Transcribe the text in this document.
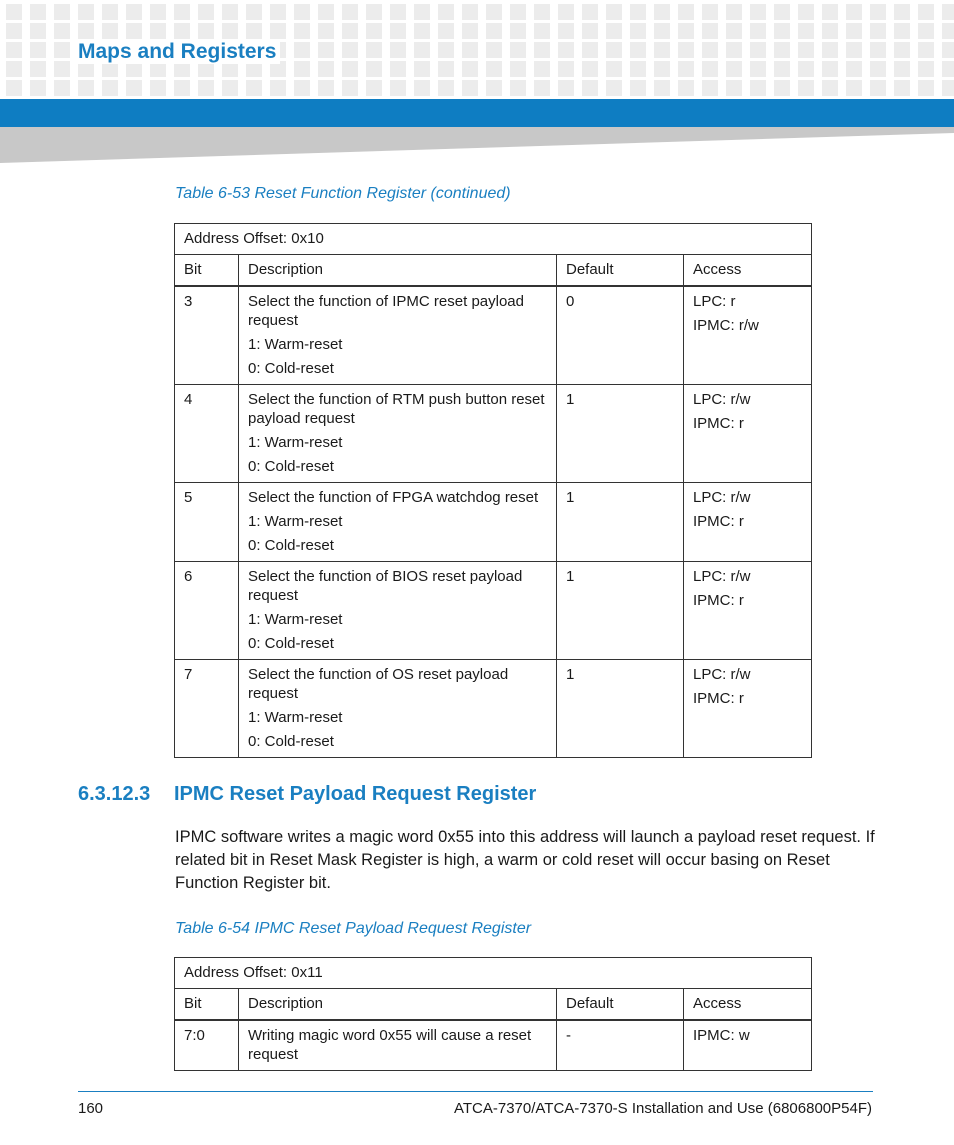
Maps and Registers
Table 6-53 Reset Function Register (continued)
Address Offset: 0x10			
Bit	Description	Default	Access
3	Select the function of IPMC reset payload request
1: Warm-reset
0: Cold-reset	0	LPC: r
IPMC: r/w

4	Select the function of RTM push button reset payload request
1: Warm-reset
0: Cold-reset	1	LPC: r/w
IPMC: r

5	Select the function of FPGA watchdog reset
1: Warm-reset
0: Cold-reset	1	LPC: r/w
IPMC: r

6	Select the function of BIOS reset payload request
1: Warm-reset
0: Cold-reset	1	LPC: r/w
IPMC: r

7	Select the function of OS reset payload request
1: Warm-reset
0: Cold-reset	1	LPC: r/w
IPMC: r
6.3.12.3 IPMC Reset Payload Request Register
IPMC software writes a magic word 0x55 into this address will launch a payload reset request. If related bit in Reset Mask Register is high, a warm or cold reset will occur basing on Reset Function Register bit.
Table 6-54 IPMC Reset Payload Request Register
Address Offset: 0x11			
Bit	Description	Default	Access
7:0	Writing magic word 0x55 will cause a reset request	-	IPMC: w
160	ATCA-7370/ATCA-7370-S Installation and Use (6806800P54F)
